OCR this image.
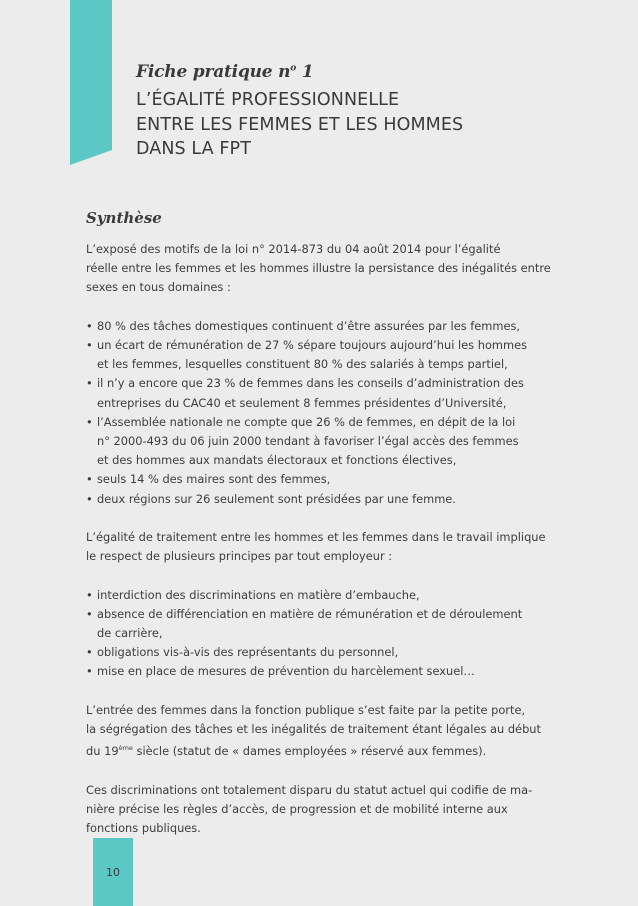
Fiche pratique $n^o$ 1
L’ÉGALITÉ PROFESSIONNELLE
ENTRE LES FEMMES ET LES HOMMES
DANS LA FPT
Synthèse
L’exposé des motifs de la loi n° 2014-873 du 04 août 2014 pour l’égalité
réelle entre les femmes et les hommes illustre la persistance des inégalités entre
sexes en tous domaines :
• 80 % des tâches domestiques continuent d’être assurées par les femmes,
• un écart de rémunération de 27 % sépare toujours aujourd’hui les hommes
et les femmes, lesquelles constituent 80 % des salariés à temps partiel,
• il n’y a encore que 23 % de femmes dans les conseils d’administration des
entreprises du CAC40 et seulement 8 femmes présidentes d’Université,
• l’Assemblée nationale ne compte que 26 % de femmes, en dépit de la loi
n° 2000-493 du 06 juin 2000 tendant à favoriser l’égal accès des femmes
et des hommes aux mandats électoraux et fonctions électives,
• seuls 14 % des maires sont des femmes,
• deux régions sur 26 seulement sont présidées par une femme.
L’égalité de traitement entre les hommes et les femmes dans le travail implique
le respect de plusieurs principes par tout employeur :
• interdiction des discriminations en matière d’embauche,
• absence de différenciation en matière de rémunération et de déroulement
de carrière,
• obligations vis-à-vis des représentants du personnel,
• mise en place de mesures de prévention du harcèlement sexuel…
L’entrée des femmes dans la fonction publique s’est faite par la petite porte,
la ségrégation des tâches et les inégalités de traitement étant légales au début
du 19ème siècle (statut de « dames employées » réservé aux femmes).
Ces discriminations ont totalement disparu du statut actuel qui codifie de ma-
nière précise les règles d’accès, de progression et de mobilité interne aux
fonctions publiques.
10
